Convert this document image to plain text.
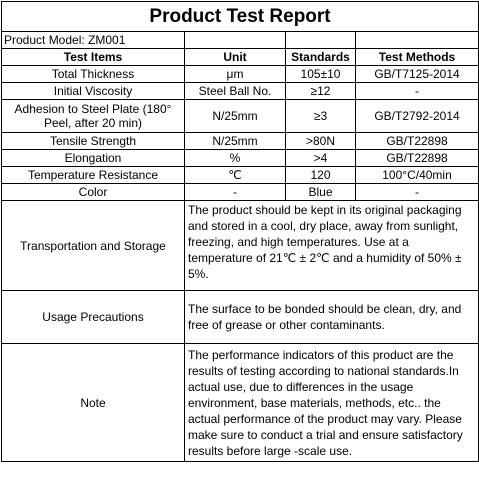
Product Test Report			
Product Model: ZM001			
Test Items	Unit	Standards	Test Methods
Total Thickness	μm	105±10	GB/T7125-2014
Initial Viscosity	Steel Ball No.	≥12	-
Adhesion to Steel Plate (180° Peel, after 20 min)	N/25mm	≥3	GB/T2792-2014
Tensile Strength	N/25mm	>80N	GB/T22898
Elongation	%	>4	GB/T22898
Temperature Resistance	℃	120	100°C/40min
Color	-	Blue	-
Transportation and Storage	The product should be kept in its original packaging and stored in a cool, dry place, away from sunlight, freezing, and high temperatures. Use at a temperature of 21℃ ± 2℃ and a humidity of 50% ± 5%.		
Usage Precautions	The surface to be bonded should be clean, dry, and free of grease or other contaminants.		
Note	The performance indicators of this product are the results of testing according to national standards.In actual use, due to differences in the usage environment, base materials, methods, etc.. the actual performance of the product may vary. Please make sure to conduct a trial and ensure satisfactory results before large -scale use.		
